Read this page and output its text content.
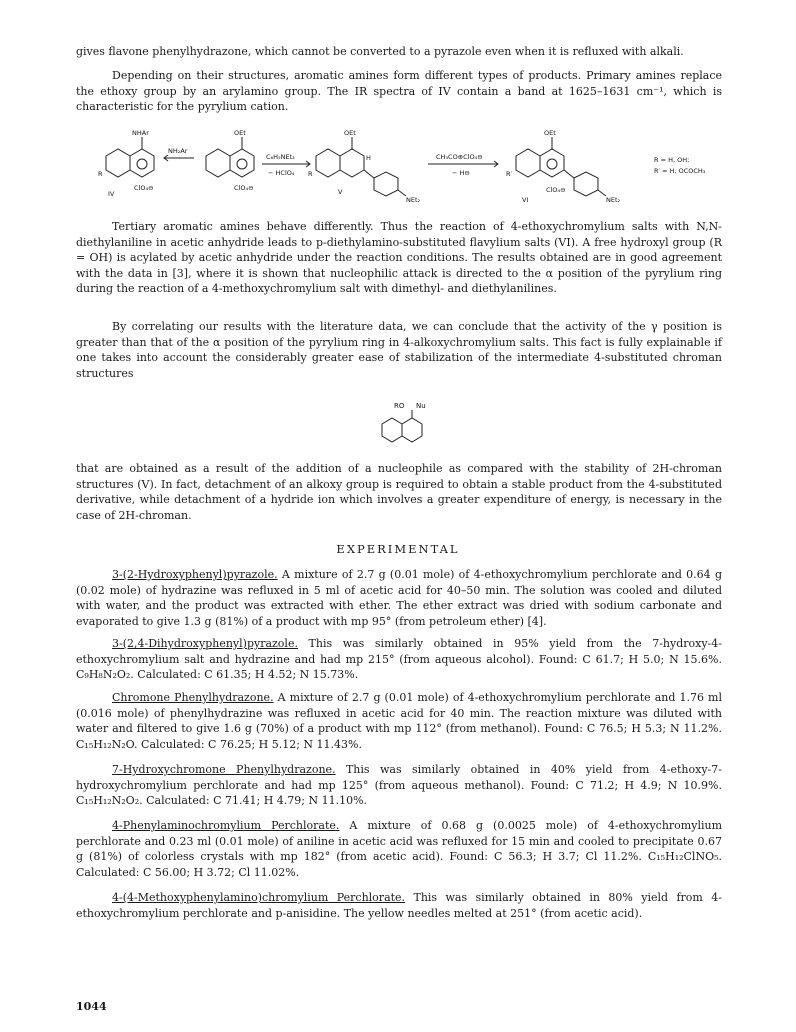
gives flavone phenylhydrazone, which cannot be converted to a pyrazole even when it is refluxed with alkali.
Depending on their structures, aromatic amines form different types of products. Primary amines replace the ethoxy group by an arylamino group. The IR spectra of IV contain a band at 1625–1631 cm⁻¹, which is characteristic for the pyrylium cation.
NHAr
R
IV
ClO₄⊖
NH₂Ar
OEt
ClO₄⊖
C₆H₅NEt₂
− HClO₄
OEt
H
R
V
NEt₂
CH₃CO⊕ClO₄⊖
− H⊖
OEt
R′
ClO₄⊖
VI	NEt₂
R = H, OH;
R′ = H, OCOCH₃
Tertiary aromatic amines behave differently. Thus the reaction of 4-ethoxychromylium salts with N,N-diethylaniline in acetic anhydride leads to p-diethylamino-substituted flavylium salts (VI). A free hydroxyl group (R = OH) is acylated by acetic anhydride under the reaction conditions. The results obtained are in good agreement with the data in [3], where it is shown that nucleophilic attack is directed to the α position of the pyrylium ring during the reaction of a 4-methoxychromylium salt with dimethyl- and diethylanilines.
By correlating our results with the literature data, we can conclude that the activity of the γ position is greater than that of the α position of the pyrylium ring in 4-alkoxychromylium salts. This fact is fully explainable if one takes into account the considerably greater ease of stabilization of the intermediate 4-substituted chroman structures
RO Nu
that are obtained as a result of the addition of a nucleophile as compared with the stability of 2H-chroman structures (V). In fact, detachment of an alkoxy group is required to obtain a stable product from the 4-substituted derivative, while detachment of a hydride ion which involves a greater expenditure of energy, is necessary in the case of 2H-chroman.
EXPERIMENTAL
3-(2-Hydroxyphenyl)pyrazole. A mixture of 2.7 g (0.01 mole) of 4-ethoxychromylium perchlorate and 0.64 g (0.02 mole) of hydrazine was refluxed in 5 ml of acetic acid for 40–50 min. The solution was cooled and diluted with water, and the product was extracted with ether. The ether extract was dried with sodium carbonate and evaporated to give 1.3 g (81%) of a product with mp 95° (from petroleum ether) [4].
3-(2,4-Dihydroxyphenyl)pyrazole. This was similarly obtained in 95% yield from the 7-hydroxy-4-ethoxychromylium salt and hydrazine and had mp 215° (from aqueous alcohol). Found: C 61.7; H 5.0; N 15.6%. C₉H₈N₂O₂. Calculated: C 61.35; H 4.52; N 15.73%.
Chromone Phenylhydrazone. A mixture of 2.7 g (0.01 mole) of 4-ethoxychromylium perchlorate and 1.76 ml (0.016 mole) of phenylhydrazine was refluxed in acetic acid for 40 min. The reaction mixture was diluted with water and filtered to give 1.6 g (70%) of a product with mp 112° (from methanol). Found: C 76.5; H 5.3; N 11.2%. C₁₅H₁₂N₂O. Calculated: C 76.25; H 5.12; N 11.43%.
7-Hydroxychromone Phenylhydrazone. This was similarly obtained in 40% yield from 4-ethoxy-7-hydroxychromylium perchlorate and had mp 125° (from aqueous methanol). Found: C 71.2; H 4.9; N 10.9%. C₁₅H₁₂N₂O₂. Calculated: C 71.41; H 4.79; N 11.10%.
4-Phenylaminochromylium Perchlorate. A mixture of 0.68 g (0.0025 mole) of 4-ethoxychromylium perchlorate and 0.23 ml (0.01 mole) of aniline in acetic acid was refluxed for 15 min and cooled to precipitate 0.67 g (81%) of colorless crystals with mp 182° (from acetic acid). Found: C 56.3; H 3.7; Cl 11.2%. C₁₅H₁₂ClNO₅. Calculated: C 56.00; H 3.72; Cl 11.02%.
4-(4-Methoxyphenylamino)chromylium Perchlorate. This was similarly obtained in 80% yield from 4-ethoxychromylium perchlorate and p-anisidine. The yellow needles melted at 251° (from acetic acid).
1044
